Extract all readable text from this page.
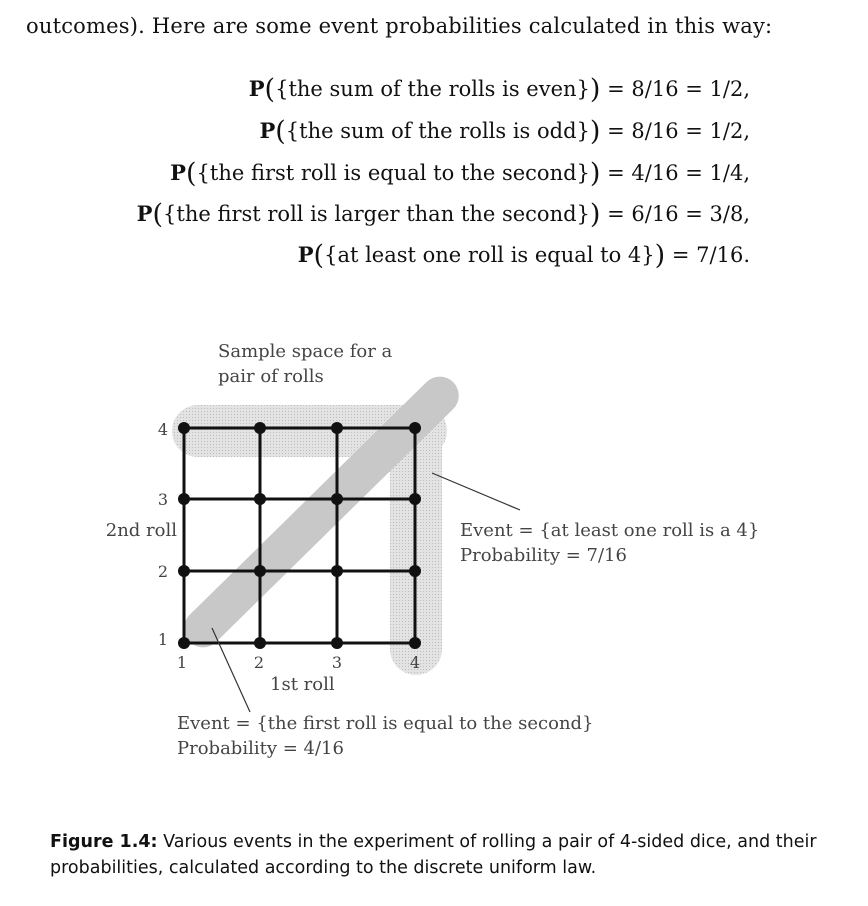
outcomes). Here are some event probabilities calculated in this way:
P({the sum of the rolls is even}) = 8/16 = 1/2,
P({the sum of the rolls is odd}) = 8/16 = 1/2,
P({the first roll is equal to the second}) = 4/16 = 1/4,
P({the first roll is larger than the second}) = 6/16 = 3/8,
P({at least one roll is equal to 4}) = 7/16.
Sample space for a
pair of rolls
4
3
2
1
2nd roll
1	2	3	4
1st roll
Event = {at least one roll is a 4}
Probability = 7/16
Event = {the first roll is equal to the second}
Probability = 4/16
Figure 1.4: Various events in the experiment of rolling a pair of 4-sided dice, and their probabilities, calculated according to the discrete uniform law.
